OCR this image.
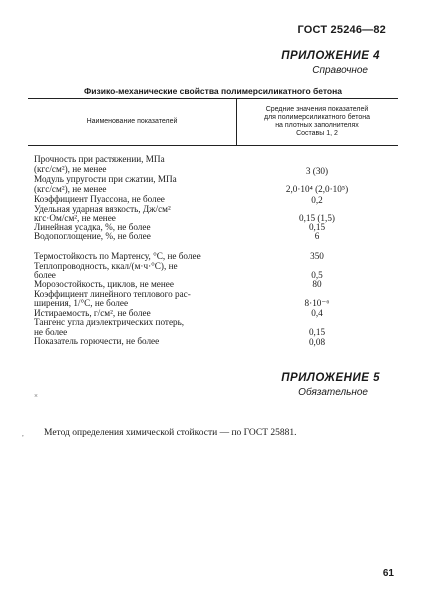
ГОСТ 25246—82
ПРИЛОЖЕНИЕ 4
Справочное
Физико-механические свойства полимерсиликатного бетона
Наименование показателей
Средние значения показателей
для полимерсиликатного бетона
на плотных заполнителях
Составы 1, 2
Прочность при растяжении, МПа
(кгс/см²), не менее	3 (30)
Модуль упругости при сжатии, МПа
(кгс/см²), не менее	2,0·10⁴ (2,0·10⁵)
Коэффициент Пуассона, не более	0,2
Удельная ударная вязкость, Дж/см²
кгс·Ом/см², не менее	0,15 (1,5)
Линейная усадка, %, не более	0,15
Водопоглощение, %, не более	6
Термостойкость по Мартенсу, °С, не более	350
Теплопроводность, ккал/(м·ч·°С), не
более	0,5
Морозостойкость, циклов, не менее	80
Коэффициент линейного теплового рас-
ширения, 1/°С, не более	8·10⁻⁶
Истираемость, г/см², не более	0,4
Тангенс угла диэлектрических потерь,
не более	0,15
Показатель горючести, не более	0,08
ПРИЛОЖЕНИЕ 5
Обязательное
×
, Метод определения химической стойкости — по ГОСТ 25881.
61
